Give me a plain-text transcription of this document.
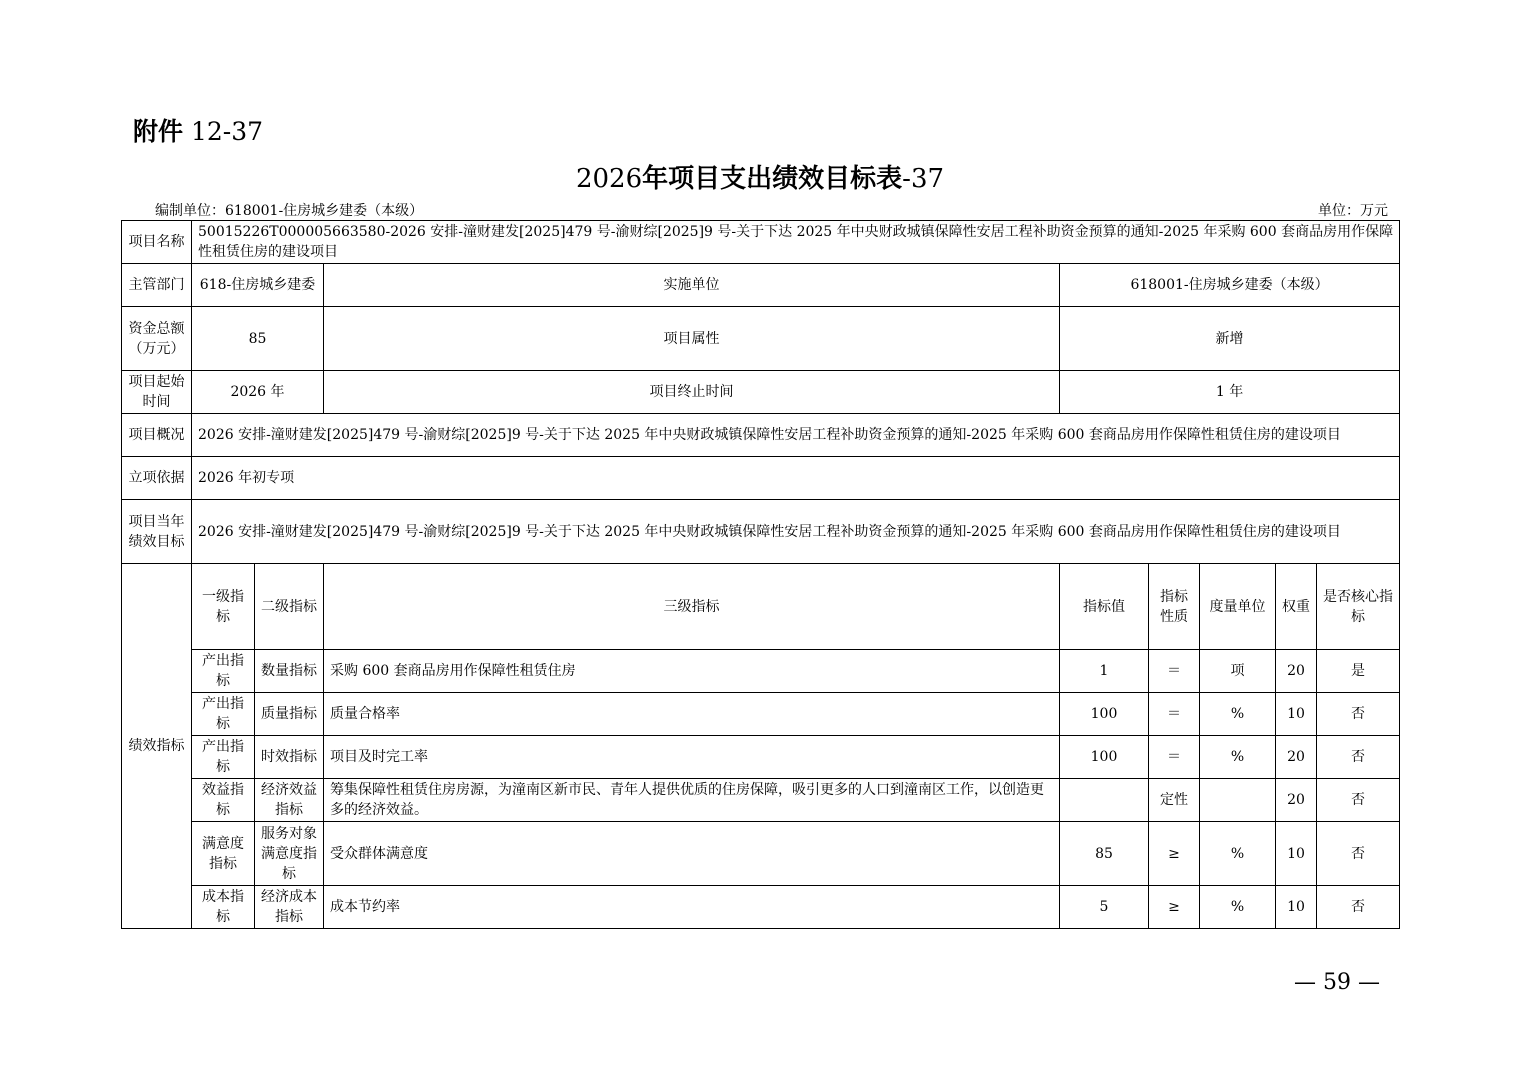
附件 12-37
2026年项目支出绩效目标表-37
编制单位：618001-住房城乡建委（本级）	单位：万元
项目名称	50015226T000005663580-2026 安排-潼财建发[2025]479 号-渝财综[2025]9 号-关于下达 2025 年中央财政城镇保障性安居工程补助资金预算的通知-2025 年采购 600 套商品房用作保障性租赁住房的建设项目							
主管部门	618-住房城乡建委		实施单位	618001-住房城乡建委（本级）				
资金总额（万元）	85		项目属性	新增				
项目起始时间	2026 年		项目终止时间	1 年				
项目概况	2026 安排-潼财建发[2025]479 号-渝财综[2025]9 号-关于下达 2025 年中央财政城镇保障性安居工程补助资金预算的通知-2025 年采购 600 套商品房用作保障性租赁住房的建设项目							
立项依据	2026 年初专项							
项目当年绩效目标	2026 安排-潼财建发[2025]479 号-渝财综[2025]9 号-关于下达 2025 年中央财政城镇保障性安居工程补助资金预算的通知-2025 年采购 600 套商品房用作保障性租赁住房的建设项目							
绩效指标	一级指标	二级指标	三级指标	指标值	指标性质	度量单位	权重	是否核心指标
	产出指标	数量指标	采购 600 套商品房用作保障性租赁住房	1	＝	项	20	是
	产出指标	质量指标	质量合格率	100	＝	%	10	否
	产出指标	时效指标	项目及时完工率	100	＝	%	20	否
	效益指标	经济效益指标	筹集保障性租赁住房房源，为潼南区新市民、青年人提供优质的住房保障，吸引更多的人口到潼南区工作，以创造更多的经济效益。		定性		20	否
	满意度指标	服务对象满意度指标	受众群体满意度	85	≥	%	10	否
	成本指标	经济成本指标	成本节约率	5	≥	%	10	否
— 59 —
